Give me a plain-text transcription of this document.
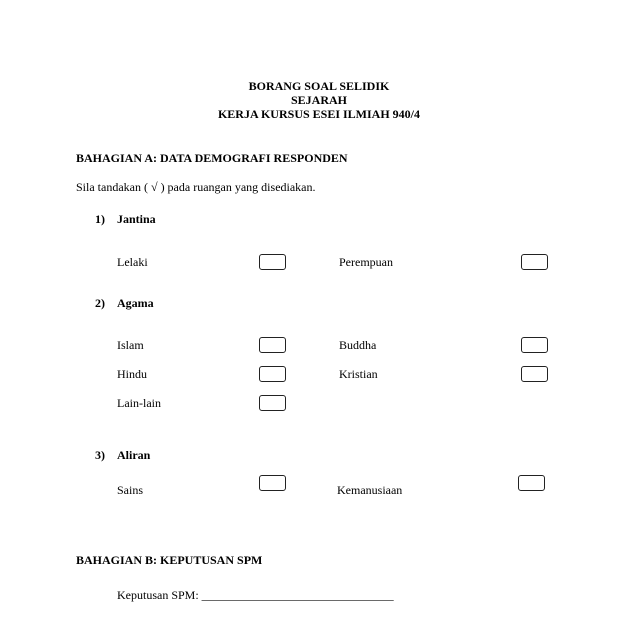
BORANG SOAL SELIDIK
SEJARAH
KERJA KURSUS ESEI ILMIAH 940/4
BAHAGIAN A: DATA DEMOGRAFI RESPONDEN
Sila tandakan ( √ ) pada ruangan yang disediakan.
1) Jantina
Lelaki	Perempuan
2) Agama
Islam	Buddha
Hindu	Kristian
Lain-lain
3) Aliran
Sains	Kemanusiaan
BAHAGIAN B: KEPUTUSAN SPM
Keputusan SPM: ________________________________
